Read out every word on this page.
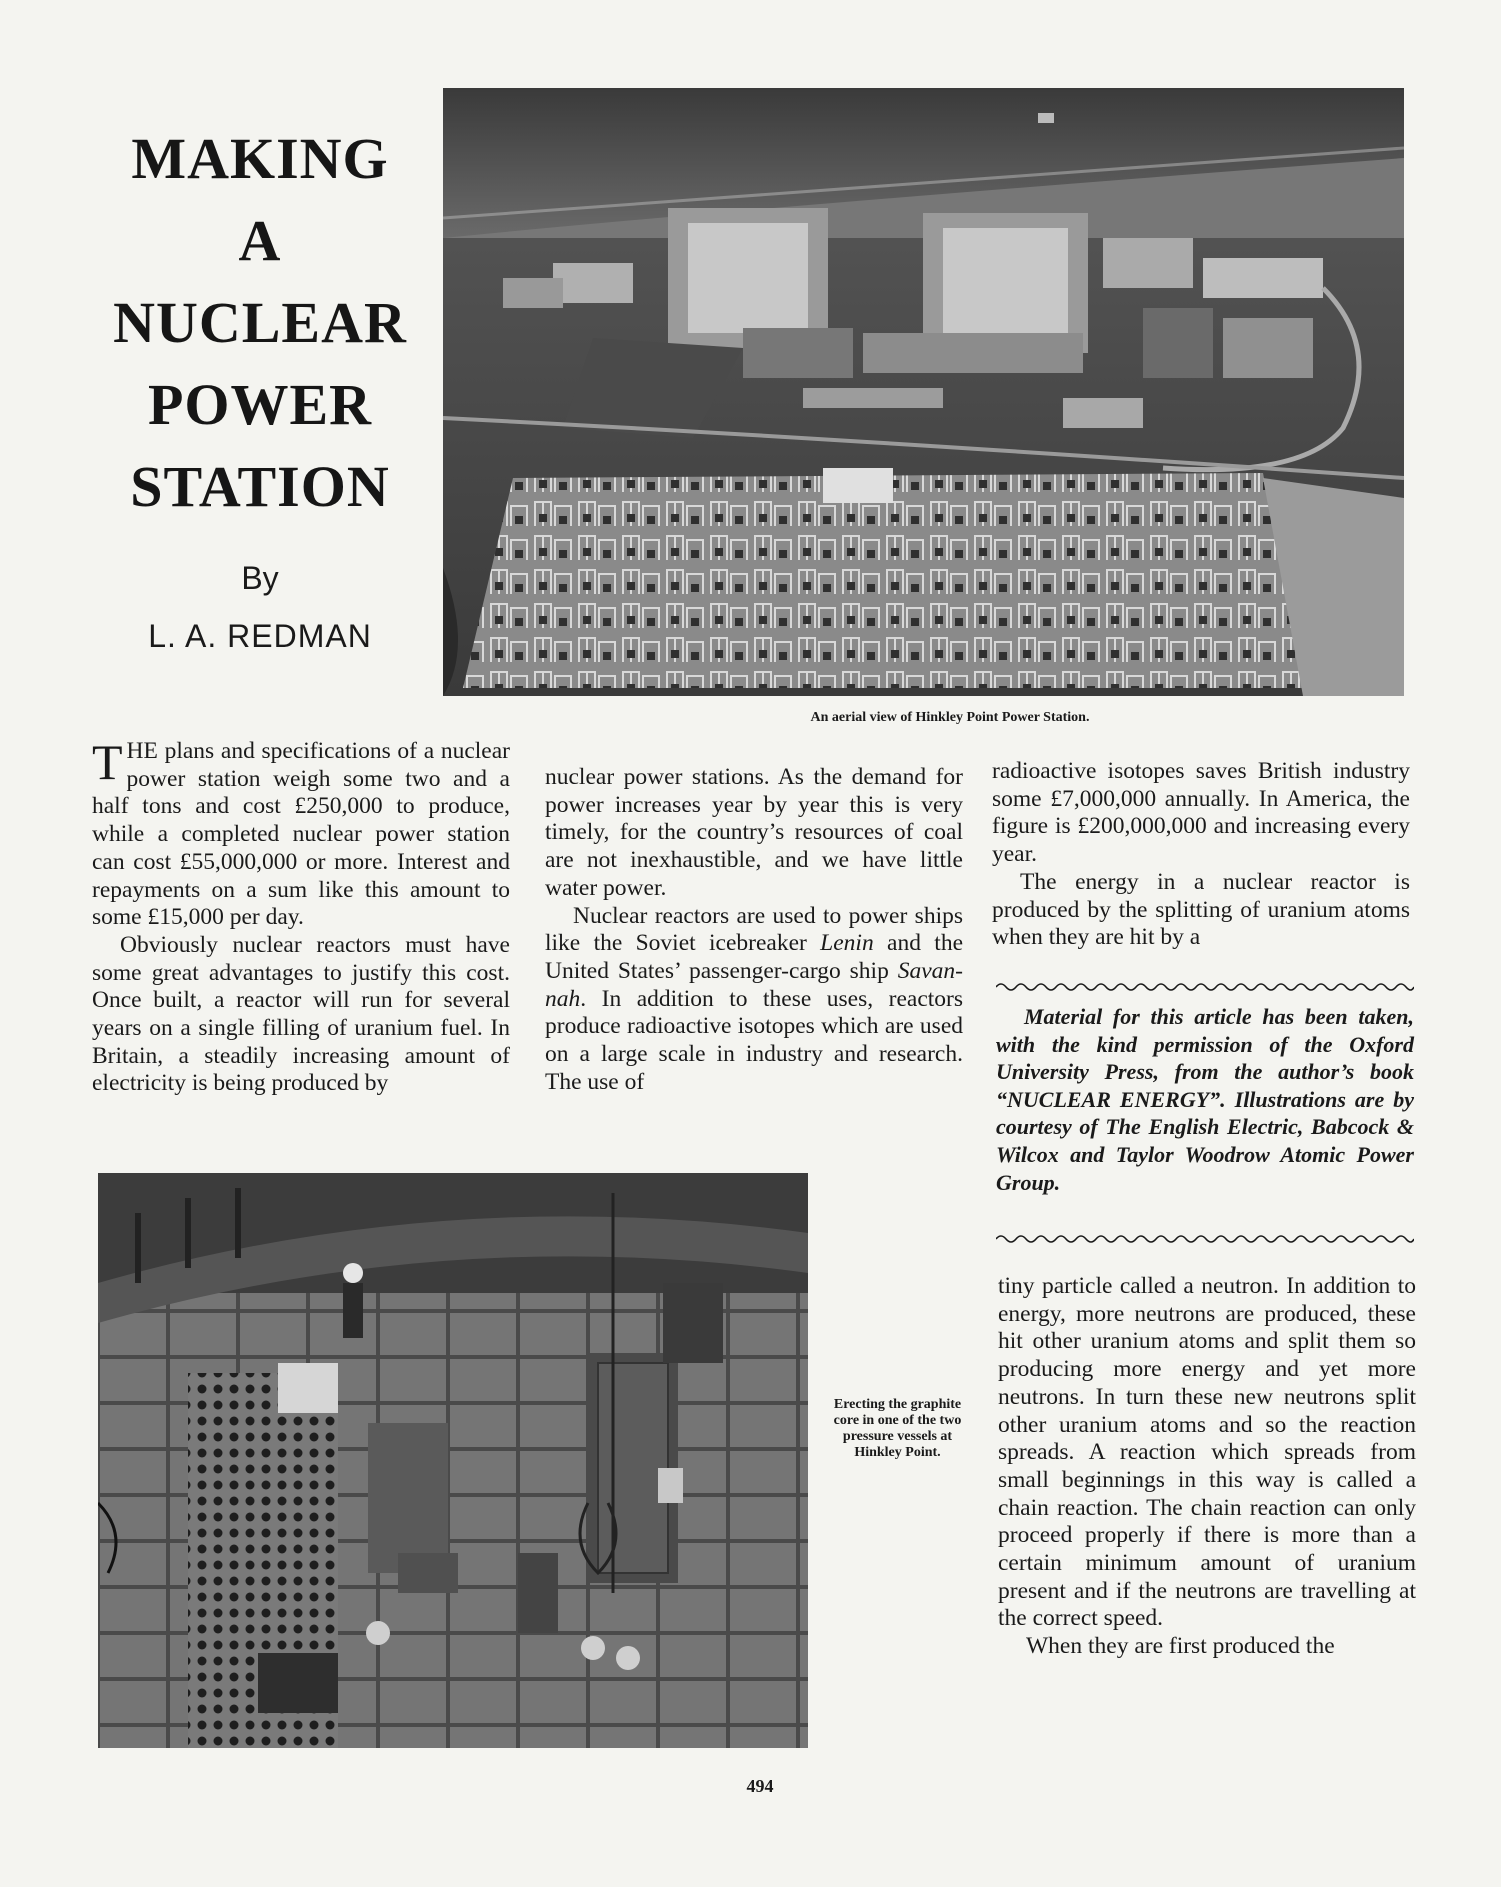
MAKING
A
NUCLEAR
POWER
STATION
By
L. A. REDMAN
An aerial view of Hinkley Point Power Station.

THE plans and specifications of a nuclear power station weigh some two and a half tons and cost £250,000 to produce, while a completed nuclear power station can cost £55,000,000 or more. Interest and repayments on a sum like this amount to some £15,000 per day.

Obviously nuclear reactors must have some great advantages to justify this cost. Once built, a reactor will run for several years on a single filling of uranium fuel. In Britain, a steadily increasing amount of electricity is being produced by

nuclear power stations. As the demand for power increases year by year this is very timely, for the country’s resources of coal are not inexhaustible, and we have little water power.

Nuclear reactors are used to power ships like the Soviet icebreaker Lenin and the United States’ passenger-cargo ship Savannah. In addition to these uses, reactors produce radioactive isotopes which are used on a large scale in industry and research. The use of

radioactive isotopes saves British industry some £7,000,000 annually. In America, the figure is £200,000,000 and increasing every year.

The energy in a nuclear reactor is produced by the splitting of uranium atoms when they are hit by a

Material for this article has been taken, with the kind permission of the Oxford University Press, from the author’s book “NUCLEAR ENERGY”. Illustrations are by courtesy of The English Electric, Babcock & Wilcox and Taylor Woodrow Atomic Power Group.

tiny particle called a neutron. In addition to energy, more neutrons are produced, these hit other uranium atoms and split them so producing more energy and yet more neutrons. In turn these new neutrons split other uranium atoms and so the reaction spreads. A reaction which spreads from small beginnings in this way is called a chain reaction. The chain reaction can only proceed properly if there is more than a certain minimum amount of uranium present and if the neutrons are travelling at the correct speed.

When they are first produced the

Erecting the graphite core in one of the two pressure vessels at Hinkley Point.
494
